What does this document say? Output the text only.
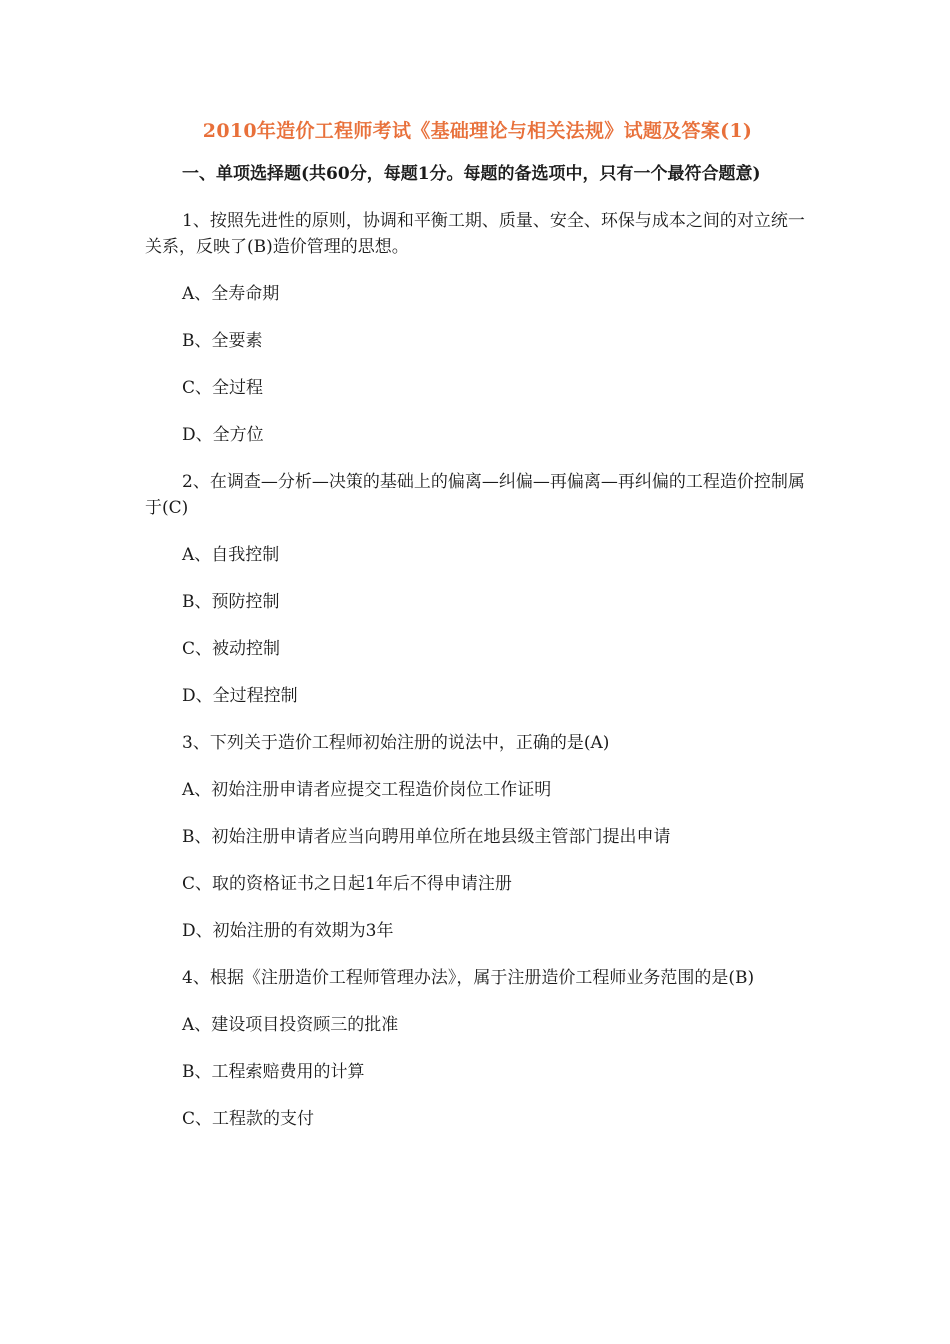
2010年造价工程师考试《基础理论与相关法规》试题及答案(1)
一、单项选择题(共60分，每题1分。每题的备选项中，只有一个最符合题意)
1、按照先进性的原则，协调和平衡工期、质量、安全、环保与成本之间的对立统一关系，反映了(B)造价管理的思想。
A、全寿命期
B、全要素
C、全过程
D、全方位
2、在调查—分析—决策的基础上的偏离—纠偏—再偏离—再纠偏的工程造价控制属于(C)
A、自我控制
B、预防控制
C、被动控制
D、全过程控制
3、下列关于造价工程师初始注册的说法中，正确的是(A)
A、初始注册申请者应提交工程造价岗位工作证明
B、初始注册申请者应当向聘用单位所在地县级主管部门提出申请
C、取的资格证书之日起1年后不得申请注册
D、初始注册的有效期为3年
4、根据《注册造价工程师管理办法》，属于注册造价工程师业务范围的是(B)
A、建设项目投资顾三的批准
B、工程索赔费用的计算
C、工程款的支付
